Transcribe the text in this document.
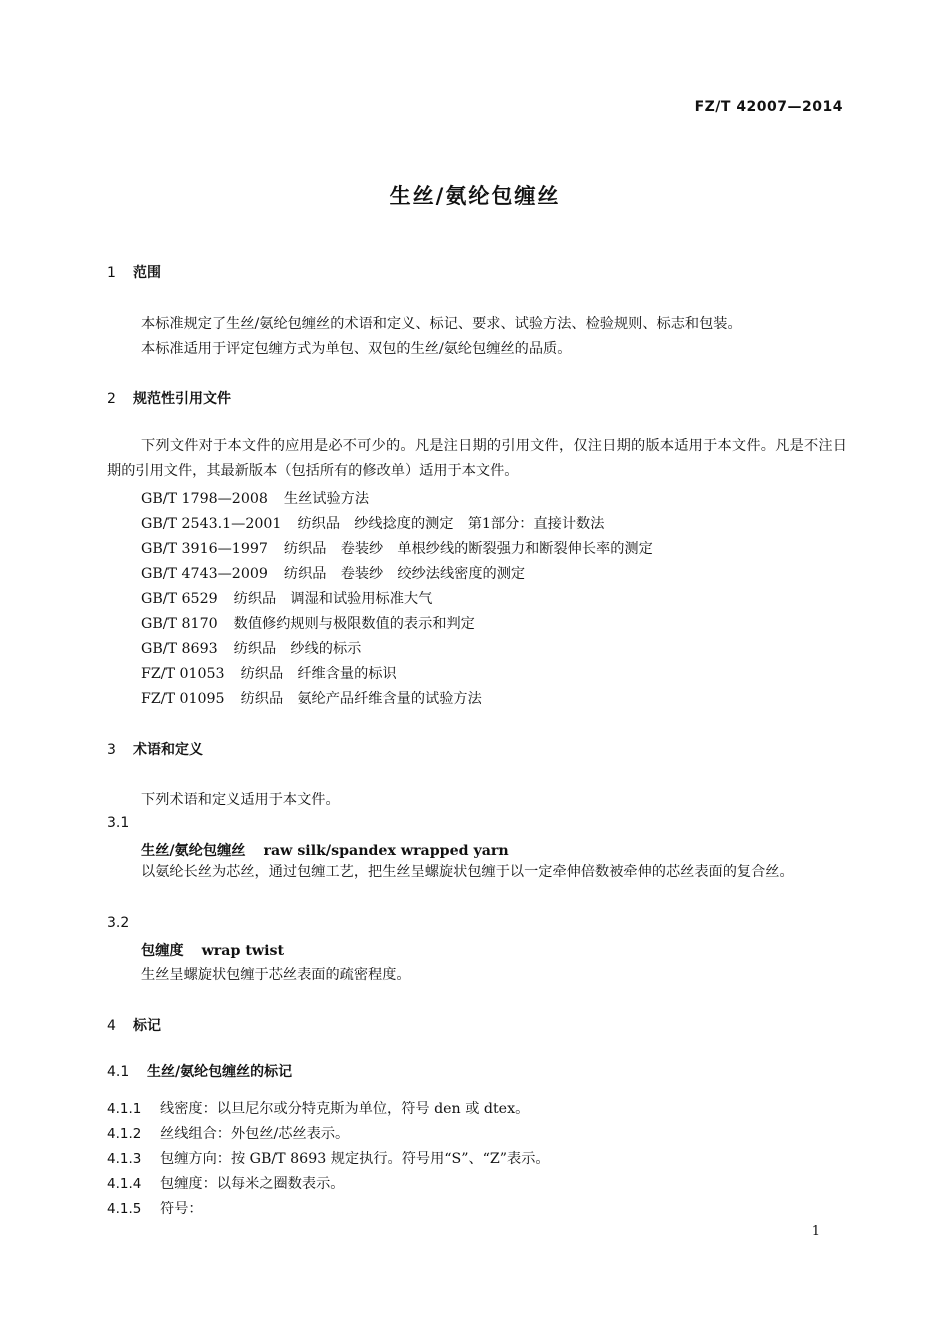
FZ/T 42007—2014
生丝/氨纶包缠丝
1 范围
本标准规定了生丝/氨纶包缠丝的术语和定义、标记、要求、试验方法、检验规则、标志和包装。
本标准适用于评定包缠方式为单包、双包的生丝/氨纶包缠丝的品质。
2 规范性引用文件
下列文件对于本文件的应用是必不可少的。凡是注日期的引用文件，仅注日期的版本适用于本文件。凡是不注日期的引用文件，其最新版本（包括所有的修改单）适用于本文件。
GB/T 1798—2008 生丝试验方法
GB/T 2543.1—2001 纺织品　纱线捻度的测定　第1部分：直接计数法
GB/T 3916—1997 纺织品　卷装纱　单根纱线的断裂强力和断裂伸长率的测定
GB/T 4743—2009 纺织品　卷装纱　绞纱法线密度的测定
GB/T 6529 纺织品　调湿和试验用标准大气
GB/T 8170 数值修约规则与极限数值的表示和判定
GB/T 8693 纺织品　纱线的标示
FZ/T 01053 纺织品　纤维含量的标识
FZ/T 01095 纺织品　氨纶产品纤维含量的试验方法
3 术语和定义
下列术语和定义适用于本文件。
3.1
生丝/氨纶包缠丝 raw silk/spandex wrapped yarn
以氨纶长丝为芯丝，通过包缠工艺，把生丝呈螺旋状包缠于以一定牵伸倍数被牵伸的芯丝表面的复合丝。
3.2
包缠度 wrap twist
生丝呈螺旋状包缠于芯丝表面的疏密程度。
4 标记
4.1 生丝/氨纶包缠丝的标记
4.1.1 线密度：以旦尼尔或分特克斯为单位，符号 den 或 dtex。
4.1.2 丝线组合：外包丝/芯丝表示。
4.1.3 包缠方向：按 GB/T 8693 规定执行。符号用“S”、“Z”表示。
4.1.4 包缠度：以每米之圈数表示。
4.1.5 符号：
1
